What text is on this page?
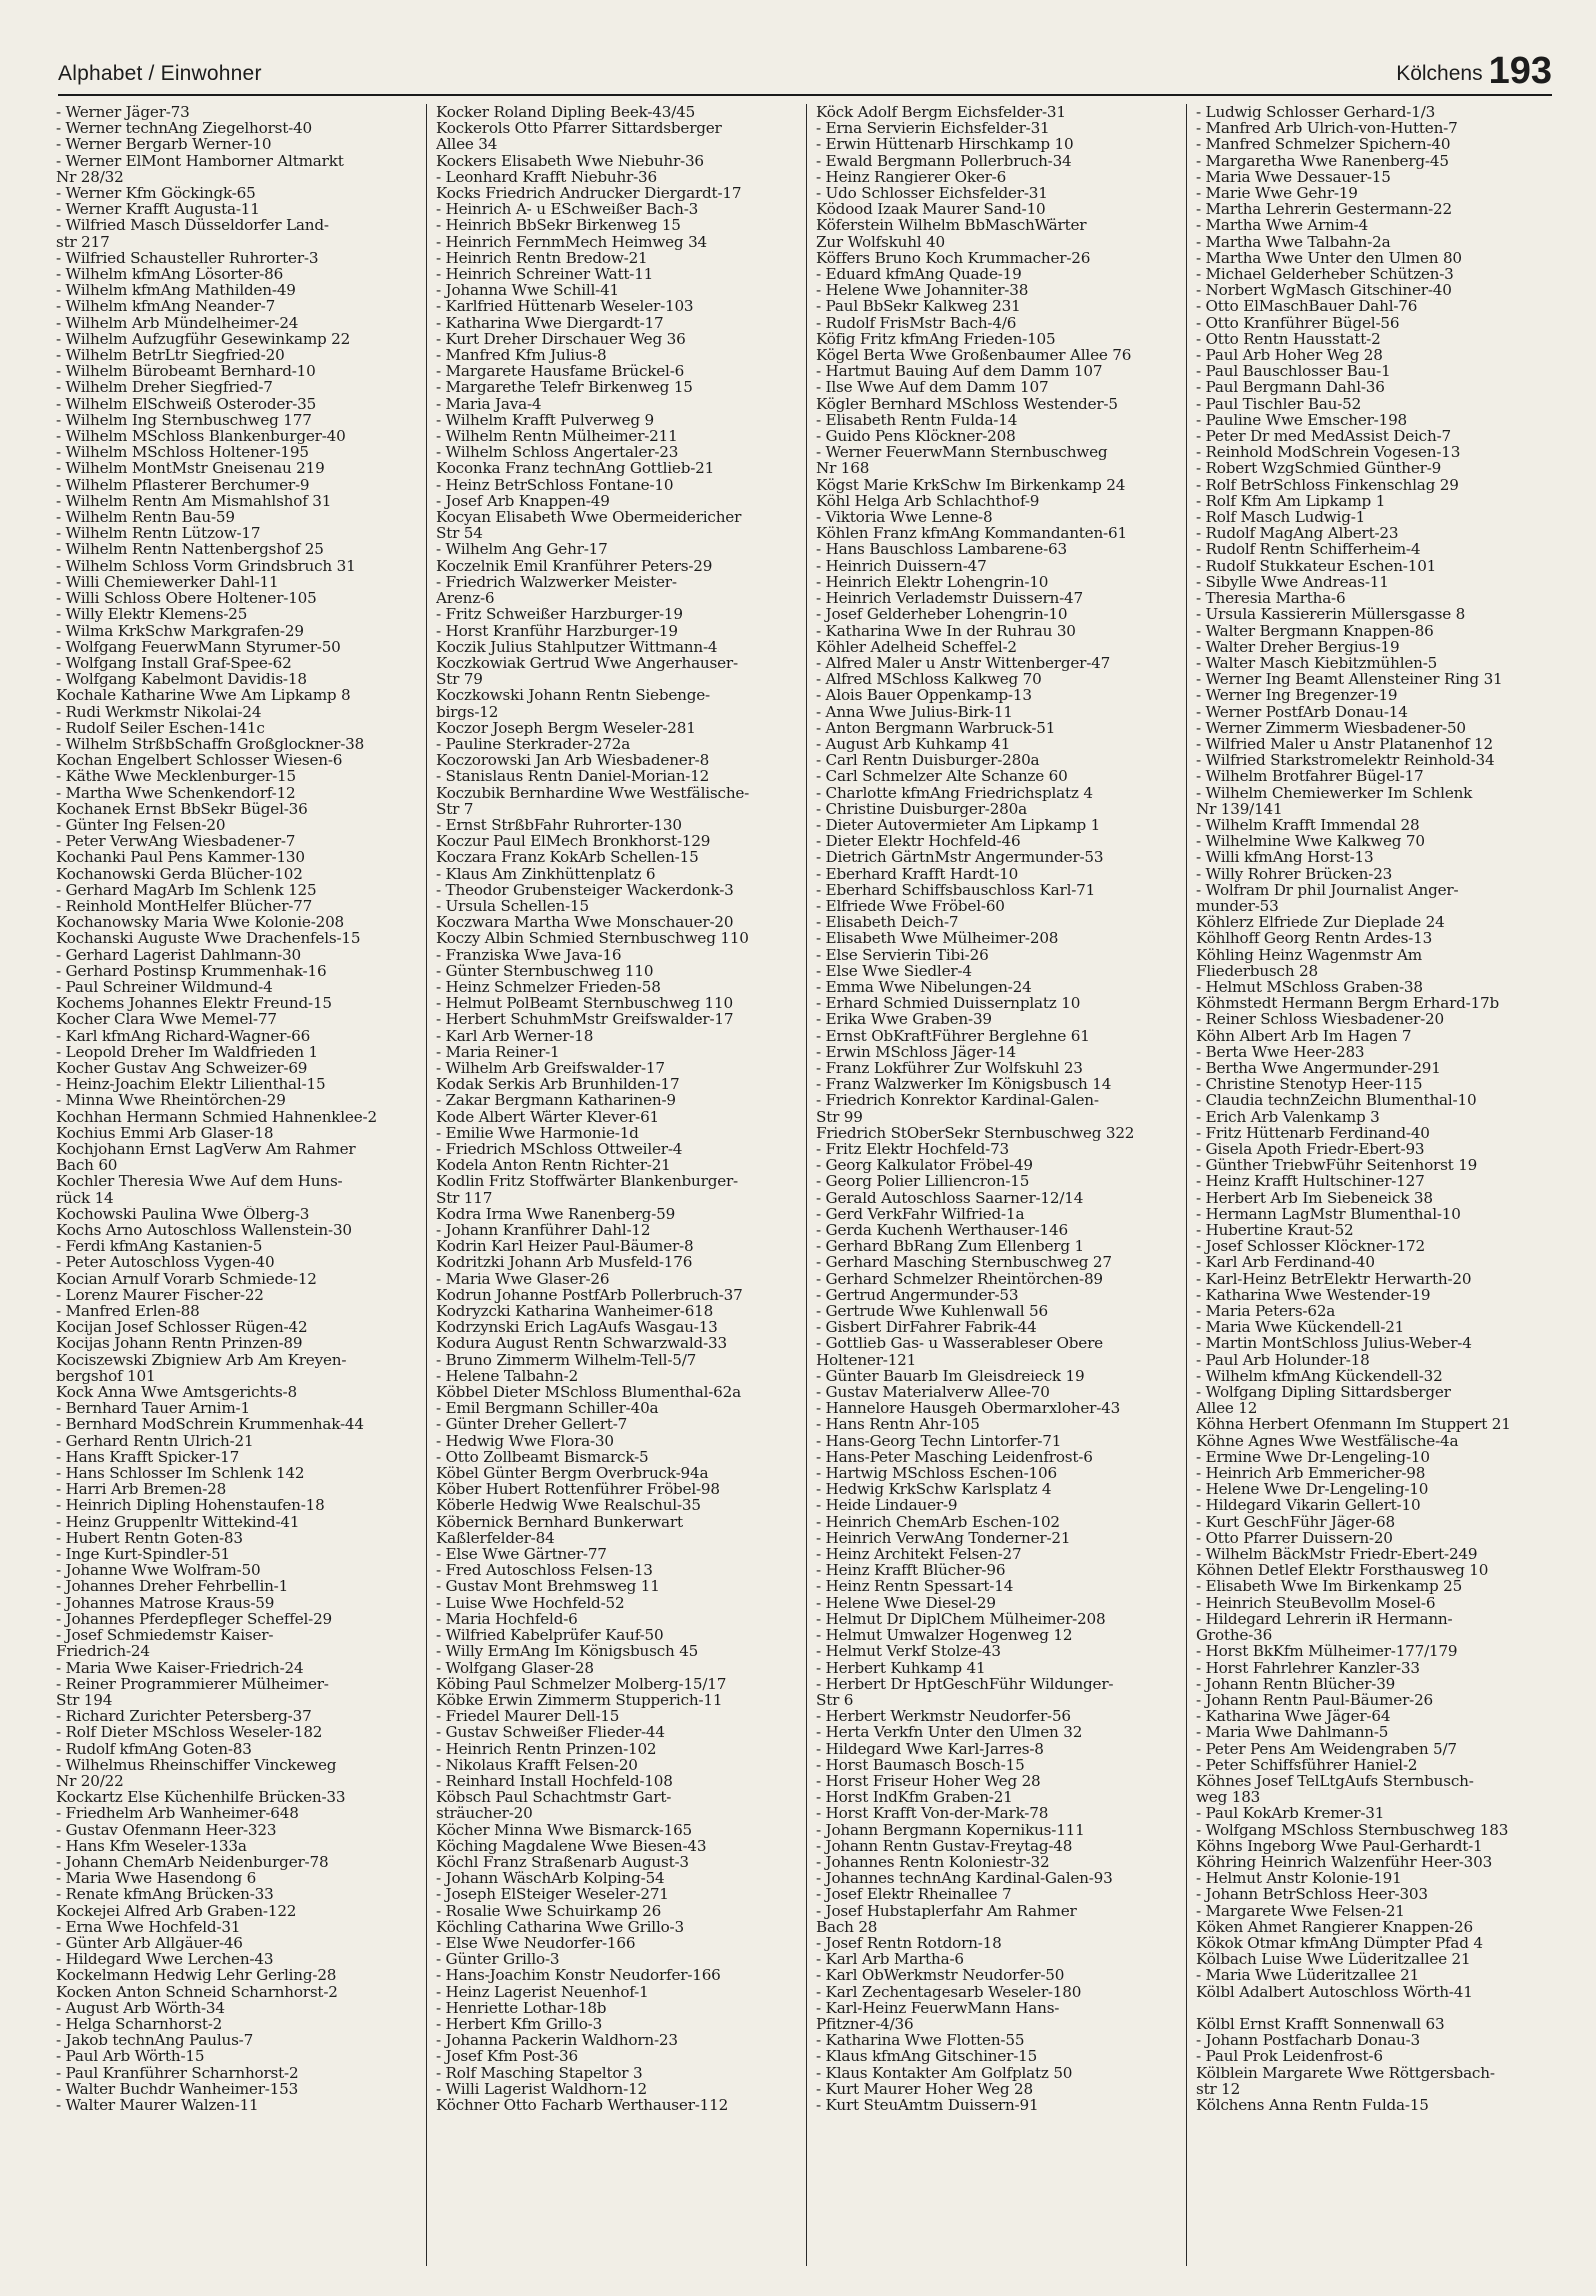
Alphabet / Einwohner	Kölchens 193
- Werner Jäger-73
- Werner technAng Ziegelhorst-40
- Werner Bergarb Werner-10
- Werner ElMont Hamborner Altmarkt
Nr 28/32
- Werner Kfm Göckingk-65
- Werner Krafft Augusta-11
- Wilfried Masch Düsseldorfer Land-
str 217
- Wilfried Schausteller Ruhrorter-3
- Wilhelm kfmAng Lösorter-86
- Wilhelm kfmAng Mathilden-49
- Wilhelm kfmAng Neander-7
- Wilhelm Arb Mündelheimer-24
- Wilhelm Aufzugführ Gesewinkamp 22
- Wilhelm BetrLtr Siegfried-20
- Wilhelm Bürobeamt Bernhard-10
- Wilhelm Dreher Siegfried-7
- Wilhelm ElSchweiß Osteroder-35
- Wilhelm Ing Sternbuschweg 177
- Wilhelm MSchloss Blankenburger-40
- Wilhelm MSchloss Holtener-195
- Wilhelm MontMstr Gneisenau 219
- Wilhelm Pflasterer Berchumer-9
- Wilhelm Rentn Am Mismahlshof 31
- Wilhelm Rentn Bau-59
- Wilhelm Rentn Lützow-17
- Wilhelm Rentn Nattenbergshof 25
- Wilhelm Schloss Vorm Grindsbruch 31
- Willi Chemiewerker Dahl-11
- Willi Schloss Obere Holtener-105
- Willy Elektr Klemens-25
- Wilma KrkSchw Markgrafen-29
- Wolfgang FeuerwMann Styrumer-50
- Wolfgang Install Graf-Spee-62
- Wolfgang Kabelmont Davidis-18
Kochale Katharine Wwe Am Lipkamp 8
- Rudi Werkmstr Nikolai-24
- Rudolf Seiler Eschen-141c
- Wilhelm StrßbSchaffn Großglockner-38
Kochan Engelbert Schlosser Wiesen-6
- Käthe Wwe Mecklenburger-15
- Martha Wwe Schenkendorf-12
Kochanek Ernst BbSekr Bügel-36
- Günter Ing Felsen-20
- Peter VerwAng Wiesbadener-7
Kochanki Paul Pens Kammer-130
Kochanowski Gerda Blücher-102
- Gerhard MagArb Im Schlenk 125
- Reinhold MontHelfer Blücher-77
Kochanowsky Maria Wwe Kolonie-208
Kochanski Auguste Wwe Drachenfels-15
- Gerhard Lagerist Dahlmann-30
- Gerhard Postinsp Krummenhak-16
- Paul Schreiner Wildmund-4
Kochems Johannes Elektr Freund-15
Kocher Clara Wwe Memel-77
- Karl kfmAng Richard-Wagner-66
- Leopold Dreher Im Waldfrieden 1
Kocher Gustav Ang Schweizer-69
- Heinz-Joachim Elektr Lilienthal-15
- Minna Wwe Rheintörchen-29
Kochhan Hermann Schmied Hahnenklee-2
Kochius Emmi Arb Glaser-18
Kochjohann Ernst LagVerw Am Rahmer
Bach 60
Kochler Theresia Wwe Auf dem Huns-
rück 14
Kochowski Paulina Wwe Ölberg-3
Kochs Arno Autoschloss Wallenstein-30
- Ferdi kfmAng Kastanien-5
- Peter Autoschloss Vygen-40
Kocian Arnulf Vorarb Schmiede-12
- Lorenz Maurer Fischer-22
- Manfred Erlen-88
Kocijan Josef Schlosser Rügen-42
Kocijas Johann Rentn Prinzen-89
Kociszewski Zbigniew Arb Am Kreyen-
bergshof 101
Kock Anna Wwe Amtsgerichts-8
- Bernhard Tauer Arnim-1
- Bernhard ModSchrein Krummenhak-44
- Gerhard Rentn Ulrich-21
- Hans Krafft Spicker-17
- Hans Schlosser Im Schlenk 142
- Harri Arb Bremen-28
- Heinrich Dipling Hohenstaufen-18
- Heinz Gruppenltr Wittekind-41
- Hubert Rentn Goten-83
- Inge Kurt-Spindler-51
- Johanne Wwe Wolfram-50
- Johannes Dreher Fehrbellin-1
- Johannes Matrose Kraus-59
- Johannes Pferdepfleger Scheffel-29
- Josef Schmiedemstr Kaiser-
Friedrich-24
- Maria Wwe Kaiser-Friedrich-24
- Reiner Programmierer Mülheimer-
Str 194
- Richard Zurichter Petersberg-37
- Rolf Dieter MSchloss Weseler-182
- Rudolf kfmAng Goten-83
- Wilhelmus Rheinschiffer Vinckeweg
Nr 20/22
Kockartz Else Küchenhilfe Brücken-33
- Friedhelm Arb Wanheimer-648
- Gustav Ofenmann Heer-323
- Hans Kfm Weseler-133a
- Johann ChemArb Neidenburger-78
- Maria Wwe Hasendong 6
- Renate kfmAng Brücken-33
Kockejei Alfred Arb Graben-122
- Erna Wwe Hochfeld-31
- Günter Arb Allgäuer-46
- Hildegard Wwe Lerchen-43
Kockelmann Hedwig Lehr Gerling-28
Kocken Anton Schneid Scharnhorst-2
- August Arb Wörth-34
- Helga Scharnhorst-2
- Jakob technAng Paulus-7
- Paul Arb Wörth-15
- Paul Kranführer Scharnhorst-2
- Walter Buchdr Wanheimer-153
- Walter Maurer Walzen-11
Kocker Roland Dipling Beek-43/45
Kockerols Otto Pfarrer Sittardsberger
Allee 34
Kockers Elisabeth Wwe Niebuhr-36
- Leonhard Krafft Niebuhr-36
Kocks Friedrich Andrucker Diergardt-17
- Heinrich A- u ESchweißer Bach-3
- Heinrich BbSekr Birkenweg 15
- Heinrich FernmMech Heimweg 34
- Heinrich Rentn Bredow-21
- Heinrich Schreiner Watt-11
- Johanna Wwe Schill-41
- Karlfried Hüttenarb Weseler-103
- Katharina Wwe Diergardt-17
- Kurt Dreher Dirschauer Weg 36
- Manfred Kfm Julius-8
- Margarete Hausfame Brückel-6
- Margarethe Telefr Birkenweg 15
- Maria Java-4
- Wilhelm Krafft Pulverweg 9
- Wilhelm Rentn Mülheimer-211
- Wilhelm Schloss Angertaler-23
Koconka Franz technAng Gottlieb-21
- Heinz BetrSchloss Fontane-10
- Josef Arb Knappen-49
Kocyan Elisabeth Wwe Obermeidericher
Str 54
- Wilhelm Ang Gehr-17
Koczelnik Emil Kranführer Peters-29
- Friedrich Walzwerker Meister-
Arenz-6
- Fritz Schweißer Harzburger-19
- Horst Kranführ Harzburger-19
Koczik Julius Stahlputzer Wittmann-4
Koczkowiak Gertrud Wwe Angerhauser-
Str 79
Koczkowski Johann Rentn Siebenge-
birgs-12
Koczor Joseph Bergm Weseler-281
- Pauline Sterkrader-272a
Koczorowski Jan Arb Wiesbadener-8
- Stanislaus Rentn Daniel-Morian-12
Koczubik Bernhardine Wwe Westfälische-
Str 7
- Ernst StrßbFahr Ruhrorter-130
Koczur Paul ElMech Bronkhorst-129
Koczara Franz KokArb Schellen-15
- Klaus Am Zinkhüttenplatz 6
- Theodor Grubensteiger Wackerdonk-3
- Ursula Schellen-15
Koczwara Martha Wwe Monschauer-20
Koczy Albin Schmied Sternbuschweg 110
- Franziska Wwe Java-16
- Günter Sternbuschweg 110
- Heinz Schmelzer Frieden-58
- Helmut PolBeamt Sternbuschweg 110
- Herbert SchuhmMstr Greifswalder-17
- Karl Arb Werner-18
- Maria Reiner-1
- Wilhelm Arb Greifswalder-17
Kodak Serkis Arb Brunhilden-17
- Zakar Bergmann Katharinen-9
Kode Albert Wärter Klever-61
- Emilie Wwe Harmonie-1d
- Friedrich MSchloss Ottweiler-4
Kodela Anton Rentn Richter-21
Kodlin Fritz Stoffwärter Blankenburger-
Str 117
Kodra Irma Wwe Ranenberg-59
- Johann Kranführer Dahl-12
Kodrin Karl Heizer Paul-Bäumer-8
Kodritzki Johann Arb Musfeld-176
- Maria Wwe Glaser-26
Kodrun Johanne PostfArb Pollerbruch-37
Kodryzcki Katharina Wanheimer-618
Kodrzynski Erich LagAufs Wasgau-13
Kodura August Rentn Schwarzwald-33
- Bruno Zimmerm Wilhelm-Tell-5/7
- Helene Talbahn-2
Köbbel Dieter MSchloss Blumenthal-62a
- Emil Bergmann Schiller-40a
- Günter Dreher Gellert-7
- Hedwig Wwe Flora-30
- Otto Zollbeamt Bismarck-5
Köbel Günter Bergm Overbruck-94a
Köber Hubert Rottenführer Fröbel-98
Köberle Hedwig Wwe Realschul-35
Köbernick Bernhard Bunkerwart
Kaßlerfelder-84
- Else Wwe Gärtner-77
- Fred Autoschloss Felsen-13
- Gustav Mont Brehmsweg 11
- Luise Wwe Hochfeld-52
- Maria Hochfeld-6
- Wilfried Kabelprüfer Kauf-50
- Willy ErmAng Im Königsbusch 45
- Wolfgang Glaser-28
Köbing Paul Schmelzer Molberg-15/17
Köbke Erwin Zimmerm Stupperich-11
- Friedel Maurer Dell-15
- Gustav Schweißer Flieder-44
- Heinrich Rentn Prinzen-102
- Nikolaus Krafft Felsen-20
- Reinhard Install Hochfeld-108
Köbsch Paul Schachtmstr Gart-
sträucher-20
Köcher Minna Wwe Bismarck-165
Köching Magdalene Wwe Biesen-43
Köchl Franz Straßenarb August-3
- Johann WäschArb Kolping-54
- Joseph ElSteiger Weseler-271
- Rosalie Wwe Schuirkamp 26
Köchling Catharina Wwe Grillo-3
- Else Wwe Neudorfer-166
- Günter Grillo-3
- Hans-Joachim Konstr Neudorfer-166
- Heinz Lagerist Neuenhof-1
- Henriette Lothar-18b
- Herbert Kfm Grillo-3
- Johanna Packerin Waldhorn-23
- Josef Kfm Post-36
- Rolf Masching Stapeltor 3
- Willi Lagerist Waldhorn-12
Köchner Otto Facharb Werthauser-112
Köck Adolf Bergm Eichsfelder-31
- Erna Servierin Eichsfelder-31
- Erwin Hüttenarb Hirschkamp 10
- Ewald Bergmann Pollerbruch-34
- Heinz Rangierer Oker-6
- Udo Schlosser Eichsfelder-31
Ködood Izaak Maurer Sand-10
Köferstein Wilhelm BbMaschWärter
Zur Wolfskuhl 40
Köffers Bruno Koch Krummacher-26
- Eduard kfmAng Quade-19
- Helene Wwe Johanniter-38
- Paul BbSekr Kalkweg 231
- Rudolf FrisMstr Bach-4/6
Köfig Fritz kfmAng Frieden-105
Kögel Berta Wwe Großenbaumer Allee 76
- Hartmut Bauing Auf dem Damm 107
- Ilse Wwe Auf dem Damm 107
Kögler Bernhard MSchloss Westender-5
- Elisabeth Rentn Fulda-14
- Guido Pens Klöckner-208
- Werner FeuerwMann Sternbuschweg
Nr 168
Kögst Marie KrkSchw Im Birkenkamp 24
Köhl Helga Arb Schlachthof-9
- Viktoria Wwe Lenne-8
Köhlen Franz kfmAng Kommandanten-61
- Hans Bauschloss Lambarene-63
- Heinrich Duissern-47
- Heinrich Elektr Lohengrin-10
- Heinrich Verlademstr Duissern-47
- Josef Gelderheber Lohengrin-10
- Katharina Wwe In der Ruhrau 30
Köhler Adelheid Scheffel-2
- Alfred Maler u Anstr Wittenberger-47
- Alfred MSchloss Kalkweg 70
- Alois Bauer Oppenkamp-13
- Anna Wwe Julius-Birk-11
- Anton Bergmann Warbruck-51
- August Arb Kuhkamp 41
- Carl Rentn Duisburger-280a
- Carl Schmelzer Alte Schanze 60
- Charlotte kfmAng Friedrichsplatz 4
- Christine Duisburger-280a
- Dieter Autovermieter Am Lipkamp 1
- Dieter Elektr Hochfeld-46
- Dietrich GärtnMstr Angermunder-53
- Eberhard Krafft Hardt-10
- Eberhard Schiffsbauschloss Karl-71
- Elfriede Wwe Fröbel-60
- Elisabeth Deich-7
- Elisabeth Wwe Mülheimer-208
- Else Servierin Tibi-26
- Else Wwe Siedler-4
- Emma Wwe Nibelungen-24
- Erhard Schmied Duissernplatz 10
- Erika Wwe Graben-39
- Ernst ObKraftFührer Berglehne 61
- Erwin MSchloss Jäger-14
- Franz Lokführer Zur Wolfskuhl 23
- Franz Walzwerker Im Königsbusch 14
- Friedrich Konrektor Kardinal-Galen-
Str 99
Friedrich StOberSekr Sternbuschweg 322
- Fritz Elektr Hochfeld-73
- Georg Kalkulator Fröbel-49
- Georg Polier Lilliencron-15
- Gerald Autoschloss Saarner-12/14
- Gerd VerkFahr Wilfried-1a
- Gerda Kuchenh Werthauser-146
- Gerhard BbRang Zum Ellenberg 1
- Gerhard Masching Sternbuschweg 27
- Gerhard Schmelzer Rheintörchen-89
- Gertrud Angermunder-53
- Gertrude Wwe Kuhlenwall 56
- Gisbert DirFahrer Fabrik-44
- Gottlieb Gas- u Wasserableser Obere
Holtener-121
- Günter Bauarb Im Gleisdreieck 19
- Gustav Materialverw Allee-70
- Hannelore Hausgeh Obermarxloher-43
- Hans Rentn Ahr-105
- Hans-Georg Techn Lintorfer-71
- Hans-Peter Masching Leidenfrost-6
- Hartwig MSchloss Eschen-106
- Hedwig KrkSchw Karlsplatz 4
- Heide Lindauer-9
- Heinrich ChemArb Eschen-102
- Heinrich VerwAng Tonderner-21
- Heinz Architekt Felsen-27
- Heinz Krafft Blücher-96
- Heinz Rentn Spessart-14
- Helene Wwe Diesel-29
- Helmut Dr DiplChem Mülheimer-208
- Helmut Umwalzer Hogenweg 12
- Helmut Verkf Stolze-43
- Herbert Kuhkamp 41
- Herbert Dr HptGeschFühr Wildunger-
Str 6
- Herbert Werkmstr Neudorfer-56
- Herta Verkfn Unter den Ulmen 32
- Hildegard Wwe Karl-Jarres-8
- Horst Baumasch Bosch-15
- Horst Friseur Hoher Weg 28
- Horst IndKfm Graben-21
- Horst Krafft Von-der-Mark-78
- Johann Bergmann Kopernikus-111
- Johann Rentn Gustav-Freytag-48
- Johannes Rentn Koloniestr-32
- Johannes technAng Kardinal-Galen-93
- Josef Elektr Rheinallee 7
- Josef Hubstaplerfahr Am Rahmer
Bach 28
- Josef Rentn Rotdorn-18
- Karl Arb Martha-6
- Karl ObWerkmstr Neudorfer-50
- Karl Zechentagesarb Weseler-180
- Karl-Heinz FeuerwMann Hans-
Pfitzner-4/36
- Katharina Wwe Flotten-55
- Klaus kfmAng Gitschiner-15
- Klaus Kontakter Am Golfplatz 50
- Kurt Maurer Hoher Weg 28
- Kurt SteuAmtm Duissern-91
- Ludwig Schlosser Gerhard-1/3
- Manfred Arb Ulrich-von-Hutten-7
- Manfred Schmelzer Spichern-40
- Margaretha Wwe Ranenberg-45
- Maria Wwe Dessauer-15
- Marie Wwe Gehr-19
- Martha Lehrerin Gestermann-22
- Martha Wwe Arnim-4
- Martha Wwe Talbahn-2a
- Martha Wwe Unter den Ulmen 80
- Michael Gelderheber Schützen-3
- Norbert WgMasch Gitschiner-40
- Otto ElMaschBauer Dahl-76
- Otto Kranführer Bügel-56
- Otto Rentn Hausstatt-2
- Paul Arb Hoher Weg 28
- Paul Bauschlosser Bau-1
- Paul Bergmann Dahl-36
- Paul Tischler Bau-52
- Pauline Wwe Emscher-198
- Peter Dr med MedAssist Deich-7
- Reinhold ModSchrein Vogesen-13
- Robert WzgSchmied Günther-9
- Rolf BetrSchloss Finkenschlag 29
- Rolf Kfm Am Lipkamp 1
- Rolf Masch Ludwig-1
- Rudolf MagAng Albert-23
- Rudolf Rentn Schifferheim-4
- Rudolf Stukkateur Eschen-101
- Sibylle Wwe Andreas-11
- Theresia Martha-6
- Ursula Kassiererin Müllersgasse 8
- Walter Bergmann Knappen-86
- Walter Dreher Bergius-19
- Walter Masch Kiebitzmühlen-5
- Werner Ing Beamt Allensteiner Ring 31
- Werner Ing Bregenzer-19
- Werner PostfArb Donau-14
- Werner Zimmerm Wiesbadener-50
- Wilfried Maler u Anstr Platanenhof 12
- Wilfried Starkstromelektr Reinhold-34
- Wilhelm Brotfahrer Bügel-17
- Wilhelm Chemiewerker Im Schlenk
Nr 139/141
- Wilhelm Krafft Immendal 28
- Wilhelmine Wwe Kalkweg 70
- Willi kfmAng Horst-13
- Willy Rohrer Brücken-23
- Wolfram Dr phil Journalist Anger-
munder-53
Köhlerz Elfriede Zur Dieplade 24
Köhlhoff Georg Rentn Ardes-13
Köhling Heinz Wagenmstr Am
Fliederbusch 28
- Helmut MSchloss Graben-38
Köhmstedt Hermann Bergm Erhard-17b
- Reiner Schloss Wiesbadener-20
Köhn Albert Arb Im Hagen 7
- Berta Wwe Heer-283
- Bertha Wwe Angermunder-291
- Christine Stenotyp Heer-115
- Claudia technZeichn Blumenthal-10
- Erich Arb Valenkamp 3
- Fritz Hüttenarb Ferdinand-40
- Gisela Apoth Friedr-Ebert-93
- Günther TriebwFühr Seitenhorst 19
- Heinz Krafft Hultschiner-127
- Herbert Arb Im Siebeneick 38
- Hermann LagMstr Blumenthal-10
- Hubertine Kraut-52
- Josef Schlosser Klöckner-172
- Karl Arb Ferdinand-40
- Karl-Heinz BetrElektr Herwarth-20
- Katharina Wwe Westender-19
- Maria Peters-62a
- Maria Wwe Kückendell-21
- Martin MontSchloss Julius-Weber-4
- Paul Arb Holunder-18
- Wilhelm kfmAng Kückendell-32
- Wolfgang Dipling Sittardsberger
Allee 12
Köhna Herbert Ofenmann Im Stuppert 21
Köhne Agnes Wwe Westfälische-4a
- Ermine Wwe Dr-Lengeling-10
- Heinrich Arb Emmericher-98
- Helene Wwe Dr-Lengeling-10
- Hildegard Vikarin Gellert-10
- Kurt GeschFühr Jäger-68
- Otto Pfarrer Duissern-20
- Wilhelm BäckMstr Friedr-Ebert-249
Köhnen Detlef Elektr Forsthausweg 10
- Elisabeth Wwe Im Birkenkamp 25
- Heinrich SteuBevollm Mosel-6
- Hildegard Lehrerin iR Hermann-
Grothe-36
- Horst BkKfm Mülheimer-177/179
- Horst Fahrlehrer Kanzler-33
- Johann Rentn Blücher-39
- Johann Rentn Paul-Bäumer-26
- Katharina Wwe Jäger-64
- Maria Wwe Dahlmann-5
- Peter Pens Am Weidengraben 5/7
- Peter Schiffsführer Haniel-2
Köhnes Josef TelLtgAufs Sternbusch-
weg 183
- Paul KokArb Kremer-31
- Wolfgang MSchloss Sternbuschweg 183
Köhns Ingeborg Wwe Paul-Gerhardt-1
Köhring Heinrich Walzenführ Heer-303
- Helmut Anstr Kolonie-191
- Johann BetrSchloss Heer-303
- Margarete Wwe Felsen-21
Köken Ahmet Rangierer Knappen-26
Kökok Otmar kfmAng Dümpter Pfad 4
Kölbach Luise Wwe Lüderitzallee 21
- Maria Wwe Lüderitzallee 21
Kölbl Adalbert Autoschloss Wörth-41

Kölbl Ernst Krafft Sonnenwall 63
- Johann Postfacharb Donau-3
- Paul Prok Leidenfrost-6
Kölblein Margarete Wwe Röttgersbach-
str 12
Kölchens Anna Rentn Fulda-15
